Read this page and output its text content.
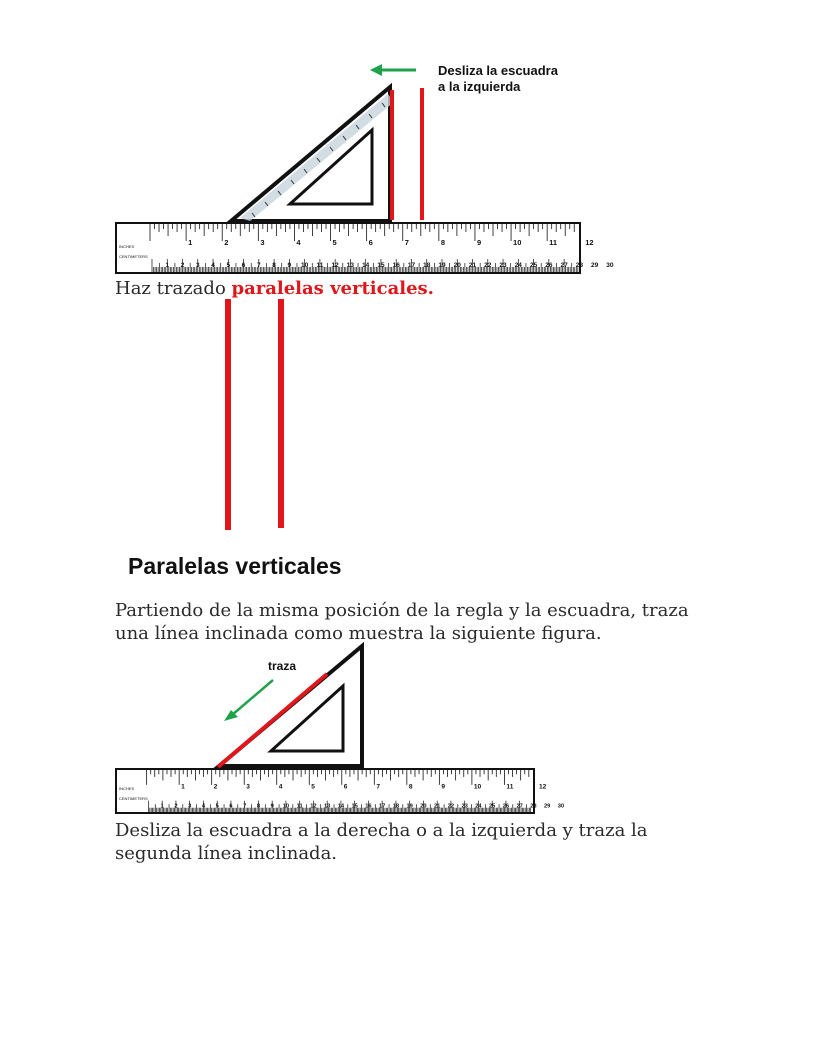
Desliza la escuadra
a la izquierda
1	2	3	4	5	6	7	8	9	10	11	12
1 2 3 4 5 6 7 8 9 10 11 12 13 14 15 16 17 18 19 20 21 22 23 24 25 26 27 28 29 30
INCHES
CENTIMETERS
Haz trazado paralelas verticales.
Paralelas verticales
Partiendo de la misma posición de la regla y la escuadra, traza una línea inclinada como muestra la siguiente figura.
traza
1	2	3	4	5	6	7	8	9	10	11	12
1 2 3 4 5 6 7 8 9 10 11 12 13 14 15 16 17 18 19 20 21 22 23 24 25 26 27 28 29 30
INCHES
CENTIMETERS
Desliza la escuadra a la derecha o a la izquierda y traza la segunda línea inclinada.
